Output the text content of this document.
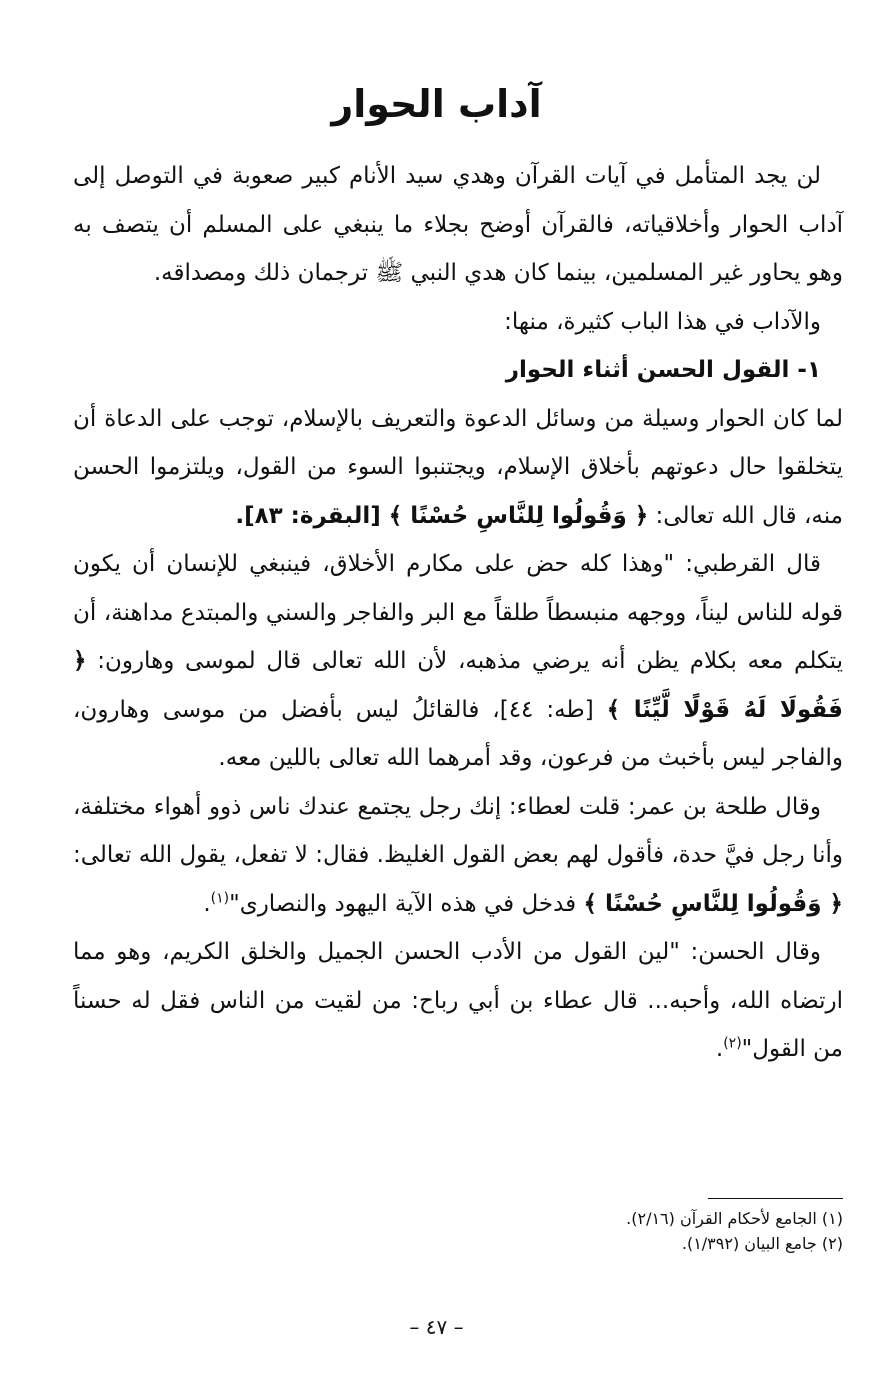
آداب الحوار

لن يجد المتأمل في آيات القرآن وهدي سيد الأنام كبير صعوبة في التوصل إلى آداب الحوار وأخلاقياته، فالقرآن أوضح بجلاء ما ينبغي على المسلم أن يتصف به وهو يحاور غير المسلمين، بينما كان هدي النبي ﷺ ترجمان ذلك ومصداقه.

والآداب في هذا الباب كثيرة، منها:

١- القول الحسن أثناء الحوار

لما كان الحوار وسيلة من وسائل الدعوة والتعريف بالإسلام، توجب على الدعاة أن يتخلقوا حال دعوتهم بأخلاق الإسلام، ويجتنبوا السوء من القول، ويلتزموا الحسن منه، قال الله تعالى: ﴿ وَقُولُوا لِلنَّاسِ حُسْنًا ﴾ [البقرة: ٨٣].

قال القرطبي: "وهذا كله حض على مكارم الأخلاق، فينبغي للإنسان أن يكون قوله للناس ليناً، ووجهه منبسطاً طلقاً مع البر والفاجر والسني والمبتدع مداهنة، أن يتكلم معه بكلام يظن أنه يرضي مذهبه، لأن الله تعالى قال لموسى وهارون: ﴿ فَقُولَا لَهُ قَوْلًا لَّيِّنًا ﴾ [طه: ٤٤]، فالقائلُ ليس بأفضل من موسى وهارون، والفاجر ليس بأخبث من فرعون، وقد أمرهما الله تعالى باللين معه.

وقال طلحة بن عمر: قلت لعطاء: إنك رجل يجتمع عندك ناس ذوو أهواء مختلفة، وأنا رجل فيَّ حدة، فأقول لهم بعض القول الغليظ. فقال: لا تفعل، يقول الله تعالى: ﴿ وَقُولُوا لِلنَّاسِ حُسْنًا ﴾ فدخل في هذه الآية اليهود والنصارى"$^{(١)}$.

وقال الحسن: "لين القول من الأدب الحسن الجميل والخلق الكريم، وهو مما ارتضاه الله، وأحبه... قال عطاء بن أبي رباح: من لقيت من الناس فقل له حسناً من القول"$^{(٢)}$.

(١) الجامع لأحكام القرآن (٢/١٦).

(٢) جامع البيان (١/٣٩٢).

– ٤٧ –
